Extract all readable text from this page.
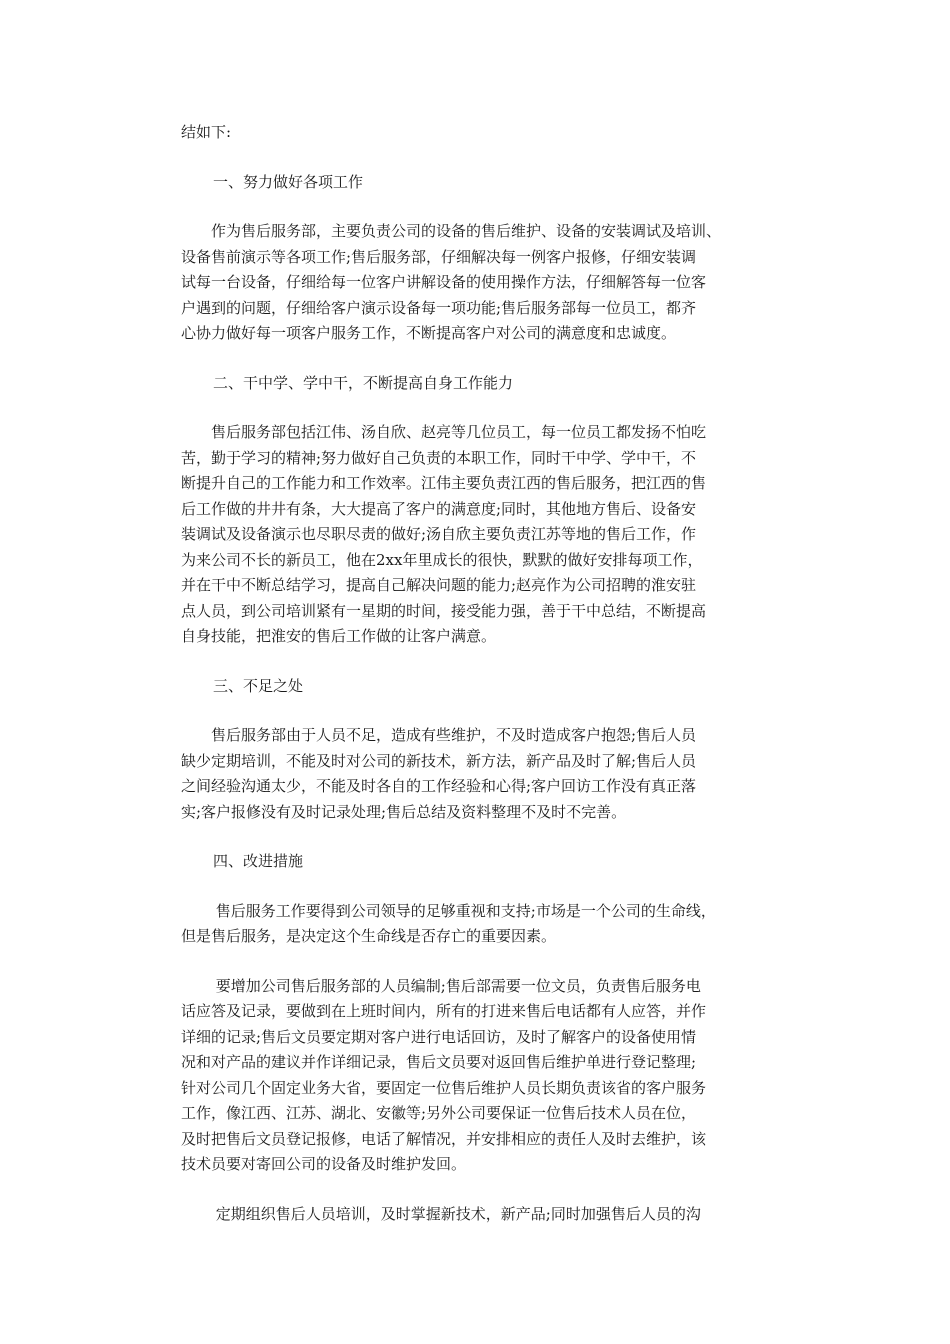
结如下:
一、努力做好各项工作
　　作为售后服务部，主要负责公司的设备的售后维护、设备的安装调试及培训、
设备售前演示等各项工作;售后服务部，仔细解决每一例客户报修，仔细安装调
试每一台设备，仔细给每一位客户讲解设备的使用操作方法，仔细解答每一位客
户遇到的问题，仔细给客户演示设备每一项功能;售后服务部每一位员工，都齐
心协力做好每一项客户服务工作，不断提高客户对公司的满意度和忠诚度。
二、干中学、学中干，不断提高自身工作能力
　　售后服务部包括江伟、汤自欣、赵亮等几位员工，每一位员工都发扬不怕吃
苦，勤于学习的精神;努力做好自己负责的本职工作，同时干中学、学中干，不
断提升自己的工作能力和工作效率。江伟主要负责江西的售后服务，把江西的售
后工作做的井井有条，大大提高了客户的满意度;同时，其他地方售后、设备安
装调试及设备演示也尽职尽责的做好;汤自欣主要负责江苏等地的售后工作，作
为来公司不长的新员工，他在2xx年里成长的很快，默默的做好安排每项工作，
并在干中不断总结学习，提高自己解决问题的能力;赵亮作为公司招聘的淮安驻
点人员，到公司培训紧有一星期的时间，接受能力强，善于干中总结，不断提高
自身技能，把淮安的售后工作做的让客户满意。
三、不足之处
　　售后服务部由于人员不足，造成有些维护，不及时造成客户抱怨;售后人员
缺少定期培训，不能及时对公司的新技术，新方法，新产品及时了解;售后人员
之间经验沟通太少，不能及时各自的工作经验和心得;客户回访工作没有真正落
实;客户报修没有及时记录处理;售后总结及资料整理不及时不完善。
四、改进措施
　　 售后服务工作要得到公司领导的足够重视和支持;市场是一个公司的生命线，
但是售后服务，是决定这个生命线是否存亡的重要因素。
　　 要增加公司售后服务部的人员编制;售后部需要一位文员，负责售后服务电
话应答及记录，要做到在上班时间内，所有的打进来售后电话都有人应答，并作
详细的记录;售后文员要定期对客户进行电话回访，及时了解客户的设备使用情
况和对产品的建议并作详细记录，售后文员要对返回售后维护单进行登记整理;
针对公司几个固定业务大省，要固定一位售后维护人员长期负责该省的客户服务
工作，像江西、江苏、湖北、安徽等;另外公司要保证一位售后技术人员在位，
及时把售后文员登记报修，电话了解情况，并安排相应的责任人及时去维护，该
技术员要对寄回公司的设备及时维护发回。
　　 定期组织售后人员培训，及时掌握新技术，新产品;同时加强售后人员的沟
